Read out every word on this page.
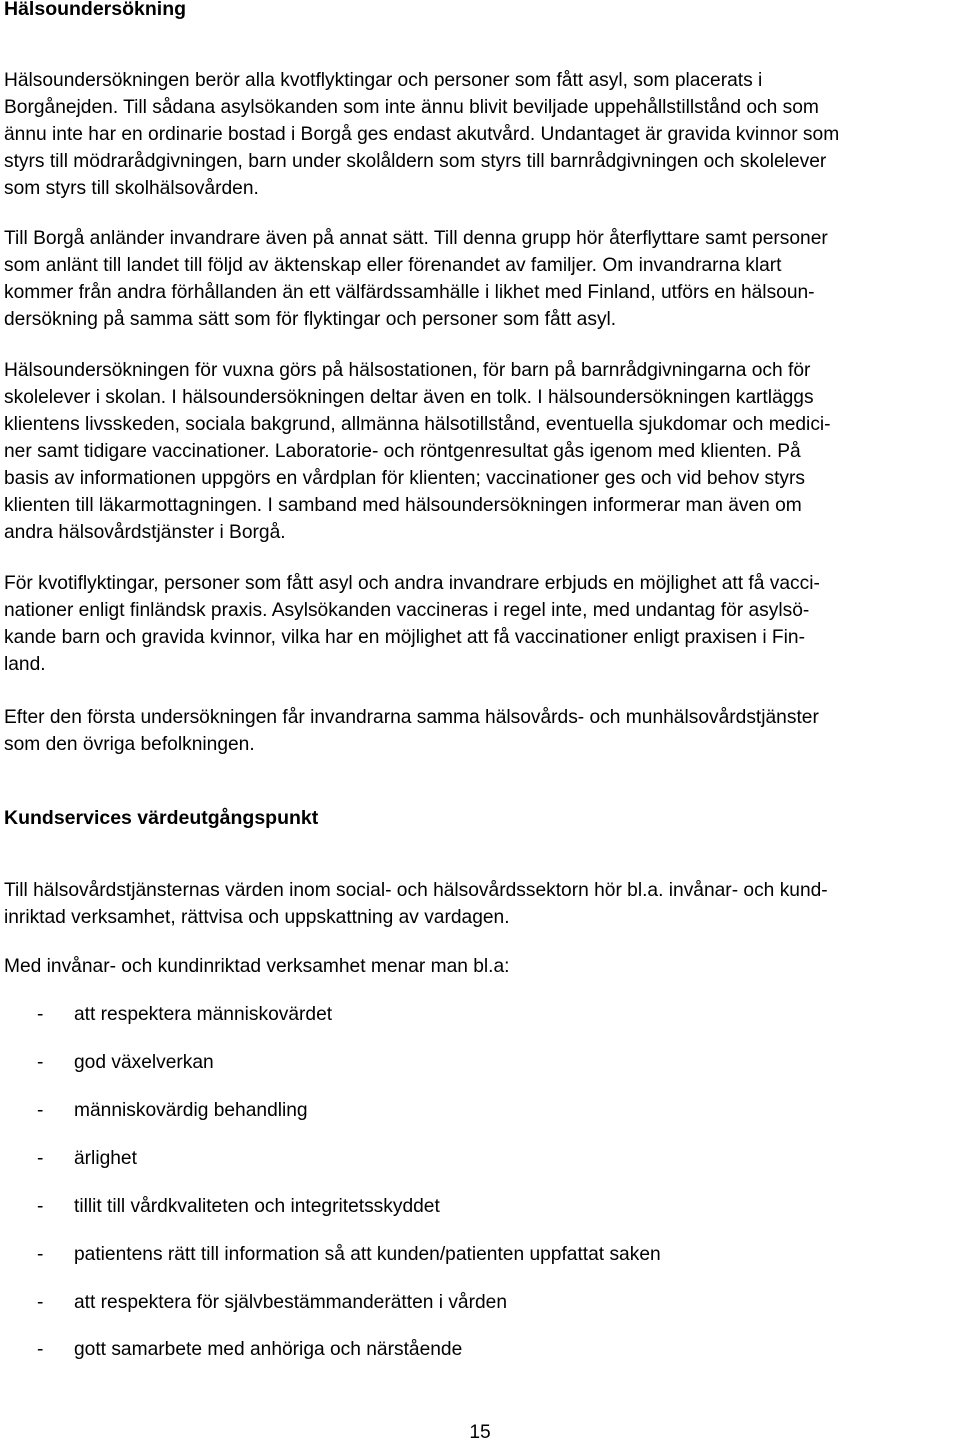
Hälsoundersökning

Hälsoundersökningen berör alla kvotflyktingar och personer som fått asyl, som placerats i
Borgånejden. Till sådana asylsökanden som inte ännu blivit beviljade uppehållstillstånd och som
ännu inte har en ordinarie bostad i Borgå ges endast akutvård. Undantaget är gravida kvinnor som
styrs till mödrarådgivningen, barn under skolåldern som styrs till barnrådgivningen och skolelever
som styrs till skolhälsovården.

Till Borgå anländer invandrare även på annat sätt. Till denna grupp hör återflyttare samt personer
som anlänt till landet till följd av äktenskap eller förenandet av familjer. Om invandrarna klart
kommer från andra förhållanden än ett välfärdssamhälle i likhet med Finland, utförs en hälsoun-
dersökning på samma sätt som för flyktingar och personer som fått asyl.

Hälsoundersökningen för vuxna görs på hälsostationen, för barn på barnrådgivningarna och för
skolelever i skolan. I hälsoundersökningen deltar även en tolk. I hälsoundersökningen kartläggs
klientens livsskeden, sociala bakgrund, allmänna hälsotillstånd, eventuella sjukdomar och medici-
ner samt tidigare vaccinationer. Laboratorie- och röntgenresultat gås igenom med klienten. På
basis av informationen uppgörs en vårdplan för klienten; vaccinationer ges och vid behov styrs
klienten till läkarmottagningen. I samband med hälsoundersökningen informerar man även om
andra hälsovårdstjänster i Borgå.

För kvotiflyktingar, personer som fått asyl och andra invandrare erbjuds en möjlighet att få vacci-
nationer enligt finländsk praxis. Asylsökanden vaccineras i regel inte, med undantag för asylsö-
kande barn och gravida kvinnor, vilka har en möjlighet att få vaccinationer enligt praxisen i Fin-
land.

Efter den första undersökningen får invandrarna samma hälsovårds- och munhälsovårdstjänster
som den övriga befolkningen.

Kundservices värdeutgångspunkt

Till hälsovårdstjänsternas värden inom social- och hälsovårdssektorn hör bl.a. invånar- och kund-
inriktad verksamhet, rättvisa och uppskattning av vardagen.

Med invånar- och kundinriktad verksamhet menar man bl.a:

- att respektera människovärdet
- god växelverkan
- människovärdig behandling
- ärlighet
- tillit till vårdkvaliteten och integritetsskyddet
- patientens rätt till information så att kunden/patienten uppfattat saken
- att respektera för självbestämmanderätten i vården
- gott samarbete med anhöriga och närstående
15
